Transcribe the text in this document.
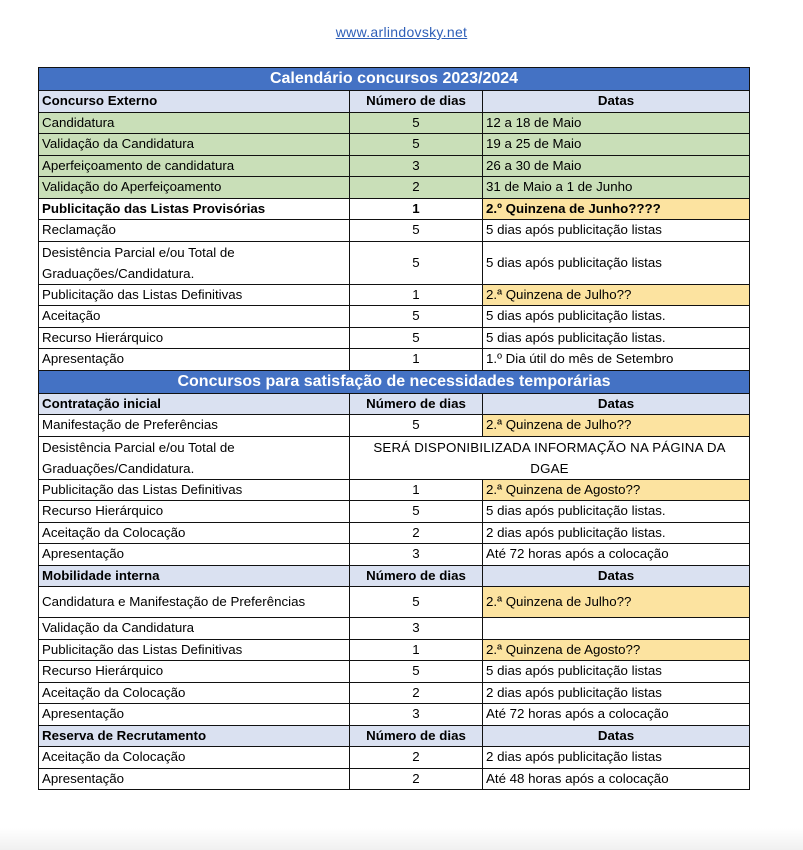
www.arlindovsky.net
Calendário concursos 2023/2024		
Concurso Externo	Número de dias	Datas
Candidatura	5	12 a 18 de Maio
Validação da Candidatura	5	19 a 25 de Maio
Aperfeiçoamento de candidatura	3	26 a 30 de Maio
Validação do Aperfeiçoamento	2	31 de Maio a 1 de Junho
Publicitação das Listas Provisórias	1	2.º Quinzena de Junho????
Reclamação	5	5 dias após publicitação listas
Desistência Parcial e/ou Total de Graduações/Candidatura.	5	5 dias após publicitação listas
Publicitação das Listas Definitivas	1	2.ª Quinzena de Julho??
Aceitação	5	5 dias após publicitação listas.
Recurso Hierárquico	5	5 dias após publicitação listas.
Apresentação	1	1.º Dia útil do mês de Setembro
Concursos para satisfação de necessidades temporárias		
Contratação inicial	Número de dias	Datas
Manifestação de Preferências	5	2.ª Quinzena de Julho??
Desistência Parcial e/ou Total de Graduações/Candidatura.	SERÁ DISPONIBILIZADA INFORMAÇÃO NA PÁGINA DA DGAE	
Publicitação das Listas Definitivas	1	2.ª Quinzena de Agosto??
Recurso Hierárquico	5	5 dias após publicitação listas.
Aceitação da Colocação	2	2 dias após publicitação listas.
Apresentação	3	Até 72 horas após a colocação
Mobilidade interna	Número de dias	Datas
Candidatura e Manifestação de Preferências	5	2.ª Quinzena de Julho??
Validação da Candidatura	3	
Publicitação das Listas Definitivas	1	2.ª Quinzena de Agosto??
Recurso Hierárquico	5	5 dias após publicitação listas
Aceitação da Colocação	2	2 dias após publicitação listas
Apresentação	3	Até 72 horas após a colocação
Reserva de Recrutamento	Número de dias	Datas
Aceitação da Colocação	2	2 dias após publicitação listas
Apresentação	2	Até 48 horas após a colocação
